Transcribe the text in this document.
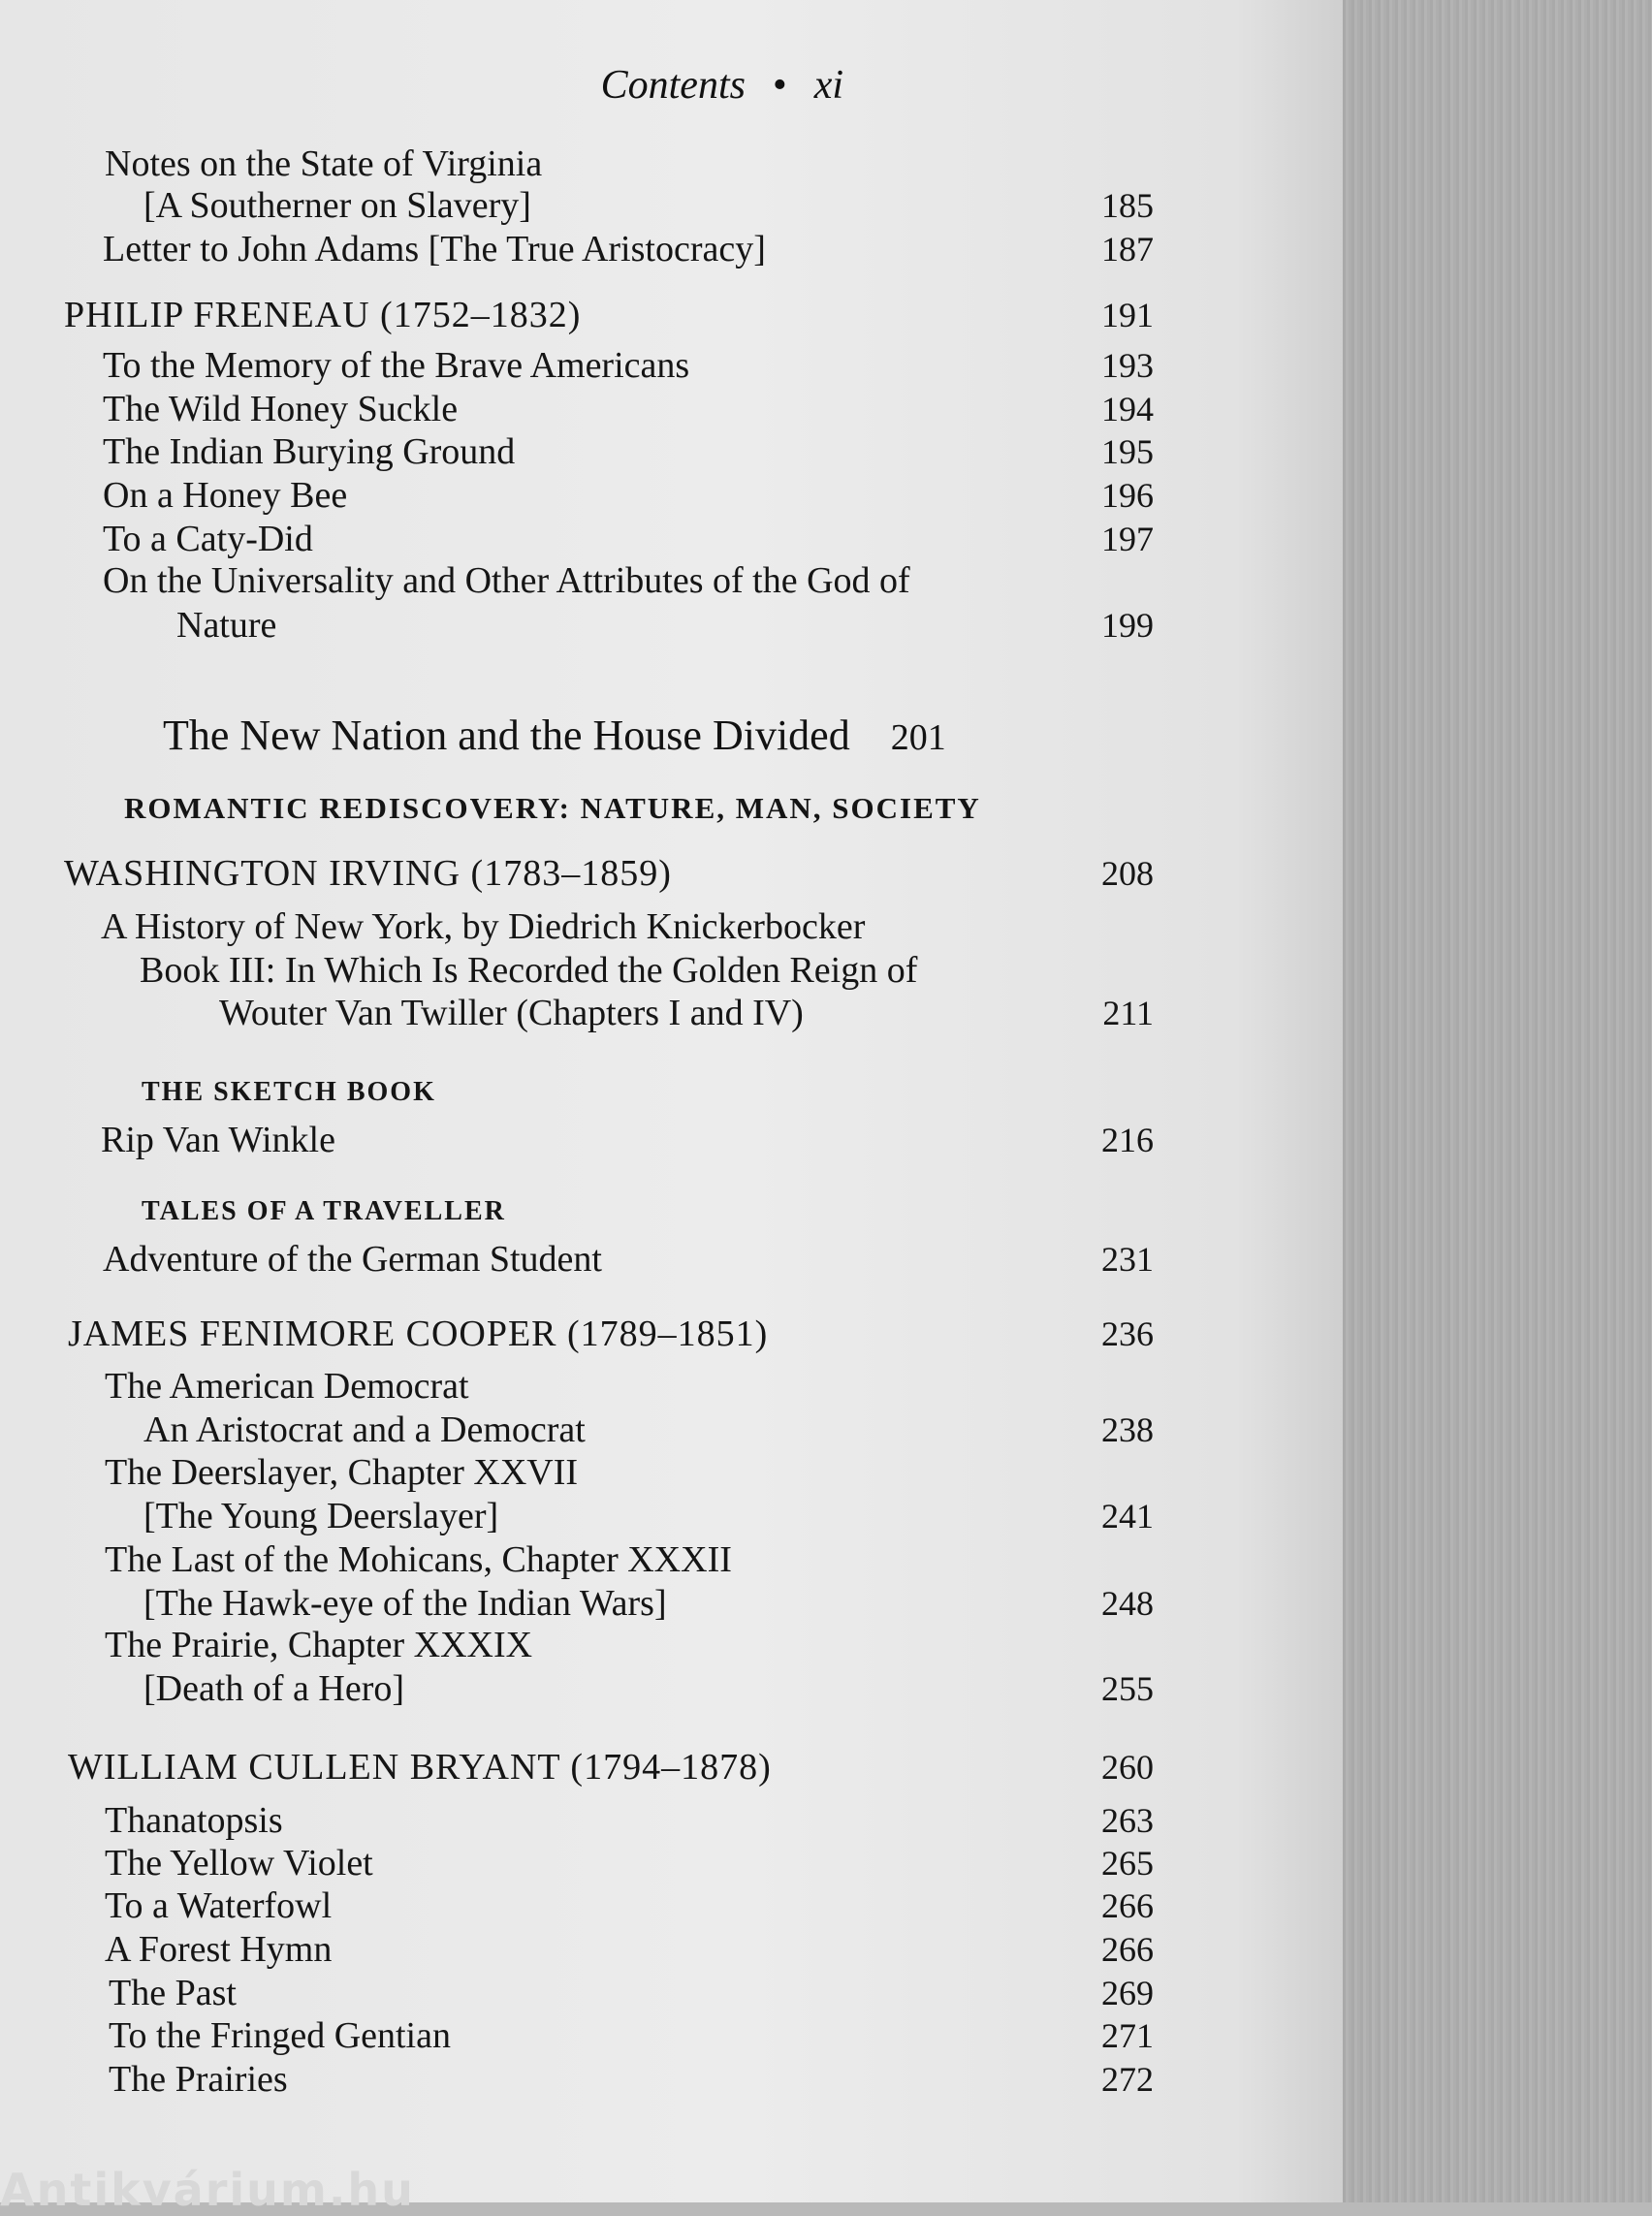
Contents • xi
Notes on the State of Virginia
[A Southerner on Slavery]	185
Letter to John Adams [The True Aristocracy]	187
PHILIP FRENEAU (1752–1832)	191
To the Memory of the Brave Americans	193
The Wild Honey Suckle	194
The Indian Burying Ground	195
On a Honey Bee	196
To a Caty-Did	197
On the Universality and Other Attributes of the God of
Nature	199
The New Nation and the House Divided 201
ROMANTIC REDISCOVERY: NATURE, MAN, SOCIETY
WASHINGTON IRVING (1783–1859)	208
A History of New York, by Diedrich Knickerbocker
Book III: In Which Is Recorded the Golden Reign of
Wouter Van Twiller (Chapters I and IV)	211
THE SKETCH BOOK
Rip Van Winkle	216
TALES OF A TRAVELLER
Adventure of the German Student	231
JAMES FENIMORE COOPER (1789–1851)	236
The American Democrat
An Aristocrat and a Democrat	238
The Deerslayer, Chapter XXVII
[The Young Deerslayer]	241
The Last of the Mohicans, Chapter XXXII
[The Hawk-eye of the Indian Wars]	248
The Prairie, Chapter XXXIX
[Death of a Hero]	255
WILLIAM CULLEN BRYANT (1794–1878)	260
Thanatopsis	263
The Yellow Violet	265
To a Waterfowl	266
A Forest Hymn	266
The Past	269
To the Fringed Gentian	271
The Prairies	272
Antikvárium.hu
